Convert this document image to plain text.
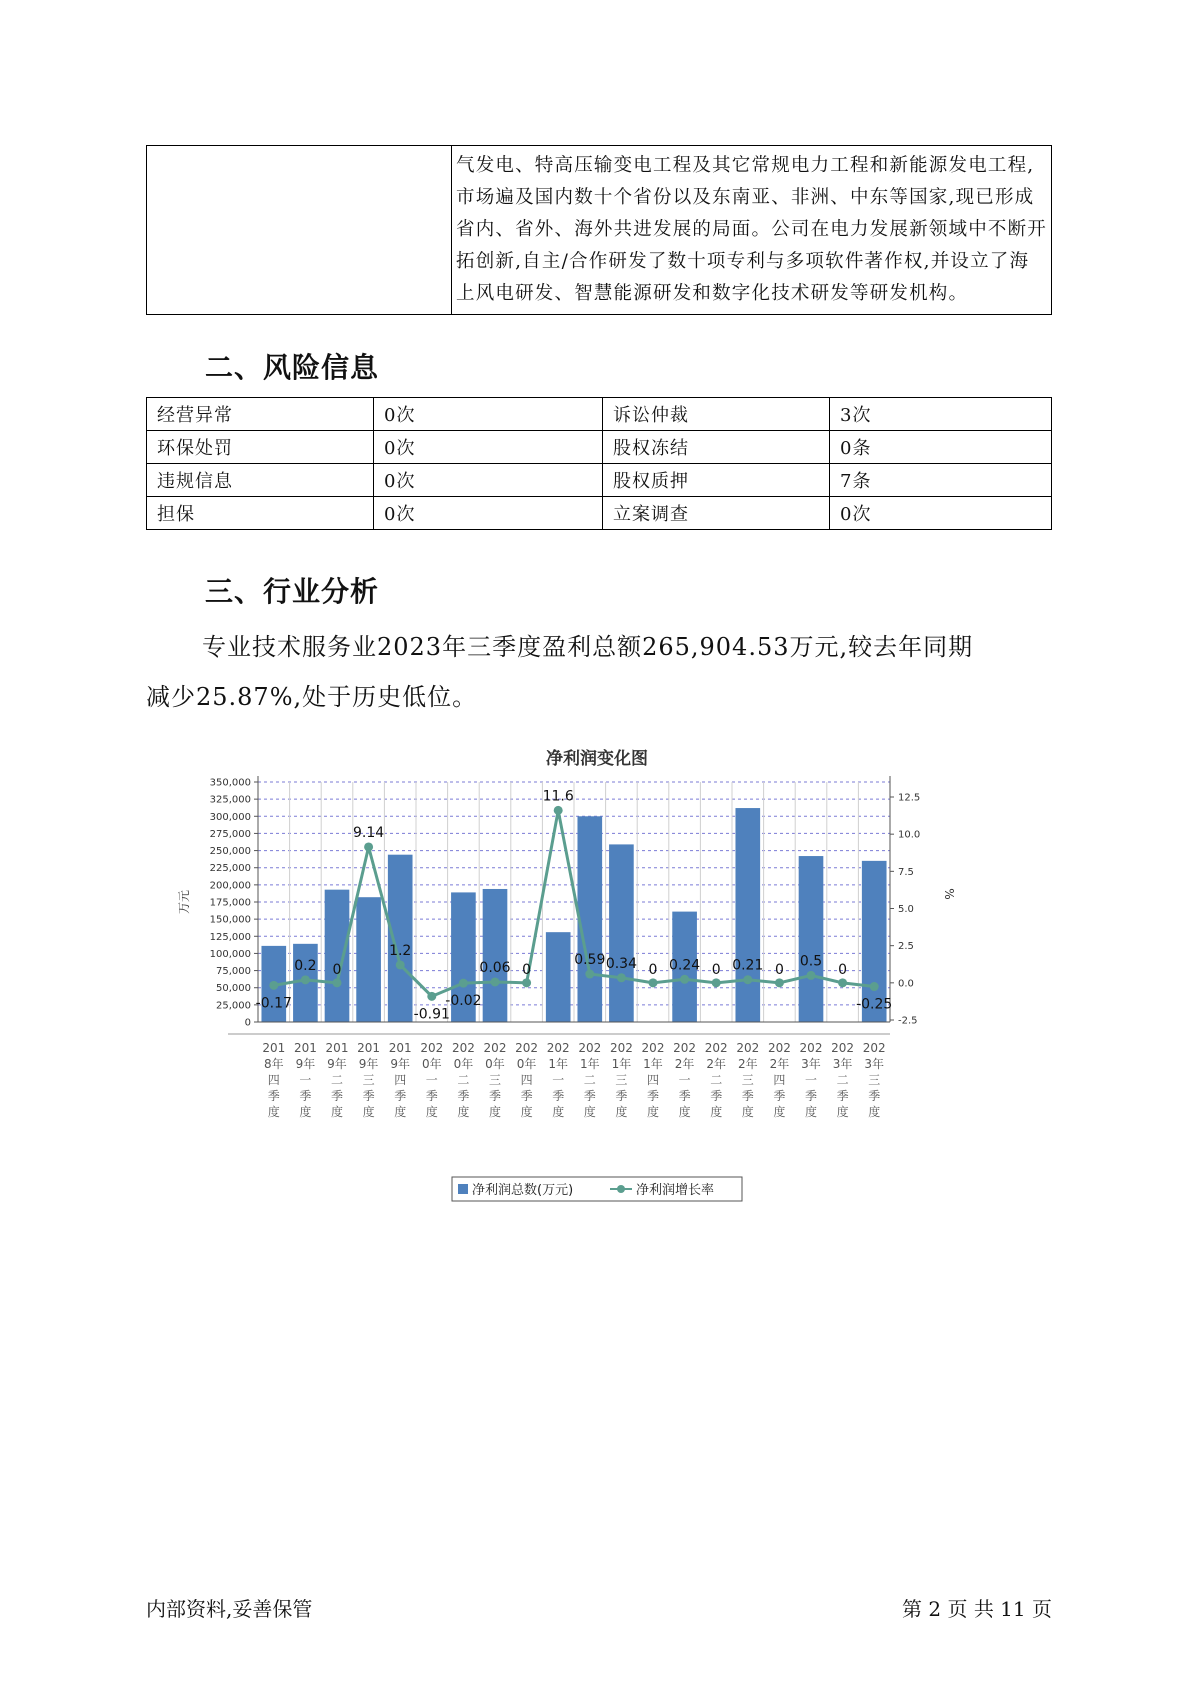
气发电、特高压输变电工程及其它常规电力工程和新能源发电工程,
市场遍及国内数十个省份以及东南亚、非洲、中东等国家,现已形成
省内、省外、海外共进发展的局面。公司在电力发展新领域中不断开
拓创新,自主/合作研发了数十项专利与多项软件著作权,并设立了海
上风电研发、智慧能源研发和数字化技术研发等研发机构。
二、风险信息
经营异常	0次	诉讼仲裁	3次
环保处罚	0次	股权冻结	0条
违规信息	0次	股权质押	7条
担保	0次	立案调查	0次
三、行业分析
专业技术服务业2023年三季度盈利总额265,904.53万元,较去年同期
减少25.87%,处于历史低位。
净利润变化图
0
25,000
50,000
75,000
100,000
125,000
150,000
175,000
200,000
225,000
250,000
275,000
300,000
325,000
350,000
-2.5
0.0
2.5
5.0
7.5
10.0
12.5
201
8年
四
季
度
201
9年
一
季
度
201
9年
二
季
度
201
9年
三
季
度
201
9年
四
季
度
202
0年
一
季
度
202
0年
二
季
度
202
0年
三
季
度
202
0年
四
季
度
202
1年
一
季
度
202
1年
二
季
度
202
1年
三
季
度
202
1年
四
季
度
202
2年
一
季
度
202
2年
二
季
度
202
2年
三
季
度
202
2年
四
季
度
202
3年
一
季
度
202
3年
二
季
度
202
3年
三
季
度
-0.17
0.2 0
9.14
1.2
-0.91
-0.02
0.06 0
11.6
0.59 0.34 0 0.24 0 0.21 0
0.5
0
-0.25
万元	%
净利润总数(万元)	净利润增长率
内部资料,妥善保管	第 2 页 共 11 页
